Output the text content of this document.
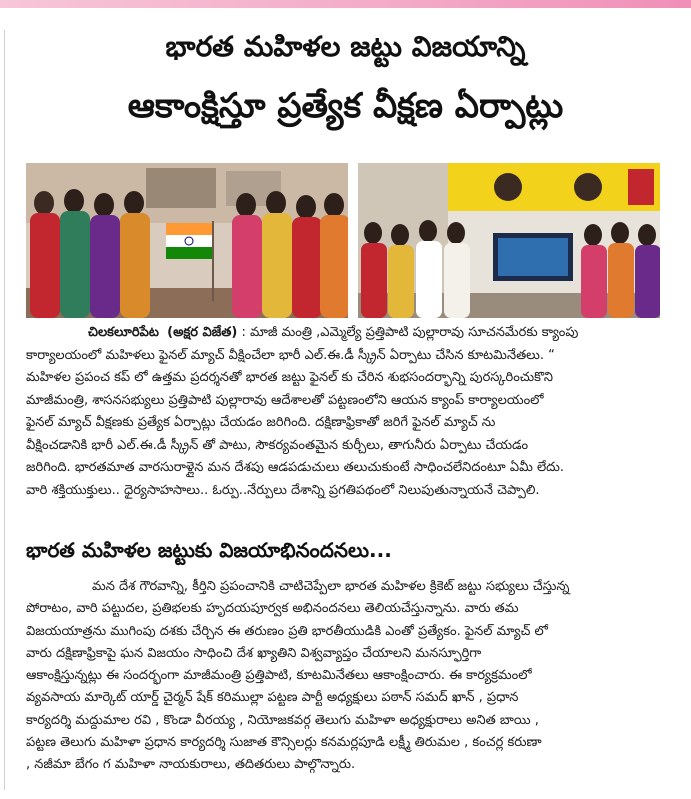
భారత మహిళల జట్టు విజయాన్ని
ఆకాంక్షిస్తూ ప్రత్యేక వీక్షణ ఏర్పాట్లు
చిలకలూరిపేట (అక్షర విజేత) : మాజీ మంత్రి ,ఎమ్మెల్యే ప్రత్తిపాటి పుల్లారావు సూచనమేరకు క్యాంపు
కార్యాలయంలో మహిళలు ఫైనల్ మ్యాచ్ వీక్షించేలా భారీ ఎల్.ఈ.డీ స్క్రీన్ ఏర్పాటు చేసిన కూటమినేతలు. “
మహిళల ప్రపంచ కప్ లో ఉత్తమ ప్రదర్శనతో భారత జట్టు ఫైనల్ కు చేరిన శుభసందర్భాన్ని పురస్కరించుకొని
మాజీమంత్రి, శాసనసభ్యులు ప్రత్తిపాటి పుల్లారావు ఆదేశాలతో పట్టణంలోని ఆయన క్యాంప్ కార్యాలయంలో
ఫైనల్ మ్యాచ్ వీక్షణకు ప్రత్యేక ఏర్పాట్లు చేయడం జరిగింది. దక్షిణాఫ్రికాతో జరిగే ఫైనల్ మ్యాచ్ ను
వీక్షించడానికి భారీ ఎల్.ఈ.డీ స్క్రీన్ తో పాటు, సౌకర్యవంతమైన కుర్చీలు, తాగునీరు ఏర్పాటు చేయడం
జరిగింది. భారతమాత వారసురాళ్లైన మన దేశపు ఆడపడుచులు తలుచుకుంటే సాధించలేనిదంటూ ఏమీ లేదు.
వారి శక్తియుక్తులు.. ధైర్యసాహసాలు.. ఓర్పు..నేర్పులు దేశాన్ని ప్రగతిపథంలో నిలుపుతున్నాయనే చెప్పాలి.
భారత మహిళల జట్టుకు విజయాభినందనలు...
మన దేశ గౌరవాన్ని, కీర్తిని ప్రపంచానికి చాటిచెప్పేలా భారత మహిళల క్రికెట్ జట్టు సభ్యులు చేస్తున్న
పోరాటం, వారి పట్టుదల, ప్రతిభలకు హృదయపూర్వక అభినందనలు తెలియచేస్తున్నాను. వారు తమ
విజయయాత్రను ముగింపు దశకు చేర్చిన ఈ తరుణం ప్రతి భారతీయుడికి ఎంతో ప్రత్యేకం. ఫైనల్ మ్యాచ్ లో
వారు దక్షిణాఫ్రికాపై ఘన విజయం సాధించి దేశ ఖ్యాతిని విశ్వవ్యాప్తం చేయాలని మనస్ఫూర్తిగా
ఆకాంక్షిస్తున్నట్లు ఈ సందర్భంగా మాజీమంత్రి ప్రత్తిపాటి, కూటమినేతలు ఆకాంక్షించారు. ఈ కార్యక్రమంలో
వ్యవసాయ మార్కెట్ యార్డ్ చైర్మన్ షేక్ కరిముల్లా పట్టణ పార్టీ అధ్యక్షులు పఠాన్ సమద్ ఖాన్ , ప్రధాన
కార్యదర్శి మద్దుమాల రవి , కొండా వీరయ్య , నియోజకవర్గ తెలుగు మహిళా అధ్యక్షురాలు అనిత బాయి ,
పట్టణ తెలుగు మహిళా ప్రధాన కార్యదర్శి సుజాత కౌన్సిలర్లు కనమర్లపూడి లక్ష్మీ తిరుమల , కంచర్ల కరుణా
, నజీమా బేగం గ మహిళా నాయకురాలు, తదితరులు పాల్గొన్నారు.
